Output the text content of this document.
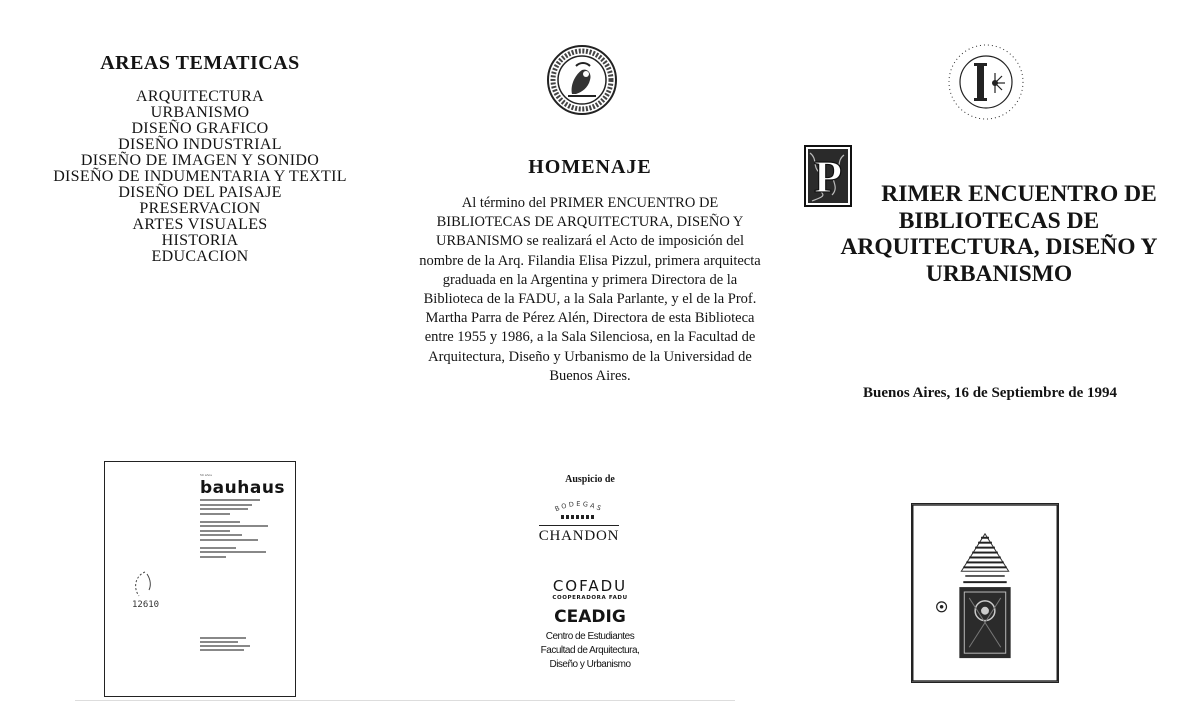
AREAS TEMATICAS
ARQUITECTURA
URBANISMO
DISEÑO GRAFICO
DISEÑO INDUSTRIAL
DISEÑO DE IMAGEN Y SONIDO
DISEÑO DE INDUMENTARIA Y TEXTIL
DISEÑO DEL PAISAJE
PRESERVACION
ARTES VISUALES
HISTORIA
EDUCACION
50 años
bauhaus
12610
HOMENAJE

Al término del PRIMER ENCUENTRO DE BIBLIOTECAS DE ARQUITECTURA, DISEÑO Y URBANISMO se realizará el Acto de imposición del nombre de la Arq. Filandia Elisa Pizzul, primera arquitecta graduada en la Argentina y primera Directora de la Biblioteca de la FADU, a la Sala Parlante, y el de la Prof. Martha Parra de Pérez Alén, Directora de esta Biblioteca entre 1955 y 1986, a la Sala Silenciosa, en la Facultad de Arquitectura, Diseño y Urbanismo de la Universidad de Buenos Aires.

Auspicio de
BODEGAS
CHANDON
COFADU
COOPERADORA FADU
CEADIG
Centro de Estudiantes
Facultad de Arquitectura,
Diseño y Urbanismo
P	RIMER ENCUENTRO DE
BIBLIOTECAS DE ARQUITECTURA, DISEÑO Y URBANISMO
Buenos Aires, 16 de Septiembre de 1994
